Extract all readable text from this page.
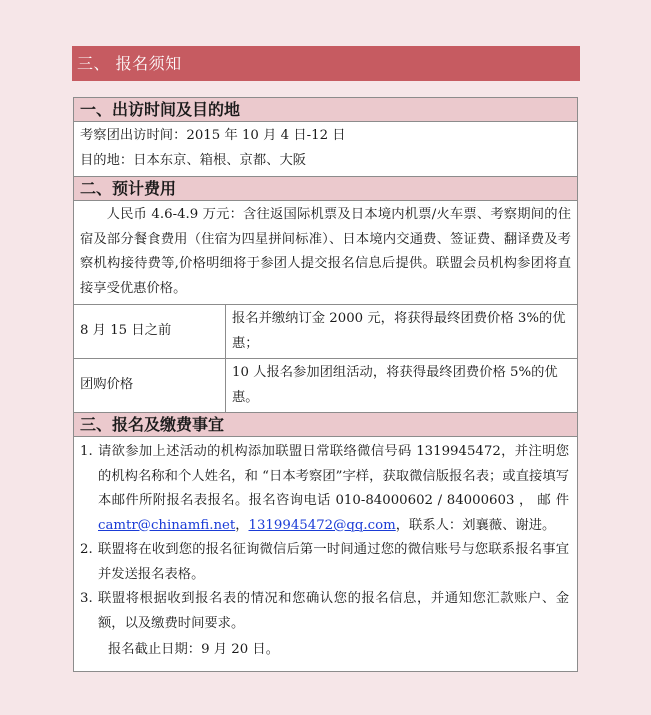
三、 报名须知
一、出访时间及目的地
考察团出访时间：2015 年 10 月 4 日-12 日
目的地：日本东京、箱根、京都、大阪
二、预计费用

人民币 4.6-4.9 万元：含往返国际机票及日本境内机票/火车票、考察期间的住宿及部分餐食费用（住宿为四星拼间标准）、日本境内交通费、签证费、翻译费及考察机构接待费等,价格明细将于参团人提交报名信息后提供。联盟会员机构参团将直接享受优惠价格。

8 月 15 日之前
报名并缴纳订金 2000 元，将获得最终团费价格 3%的优惠；
团购价格
10 人报名参加团组活动，将获得最终团费价格 5%的优惠。
三、报名及缴费事宜
1. 请欲参加上述活动的机构添加联盟日常联络微信号码 1319945472，并注明您的机构名称和个人姓名，和 “日本考察团”字样，获取微信版报名表；或直接填写本邮件所附报名表报名。报名咨询电话 010-84000602 / 84000603 ， 邮 件 camtr@chinamfi.net，1319945472@qq.com，联系人：刘襄薇、谢进。
2. 联盟将在收到您的报名征询微信后第一时间通过您的微信账号与您联系报名事宜并发送报名表格。
3. 联盟将根据收到报名表的情况和您确认您的报名信息，并通知您汇款账户、金额，以及缴费时间要求。
报名截止日期：9 月 20 日。
